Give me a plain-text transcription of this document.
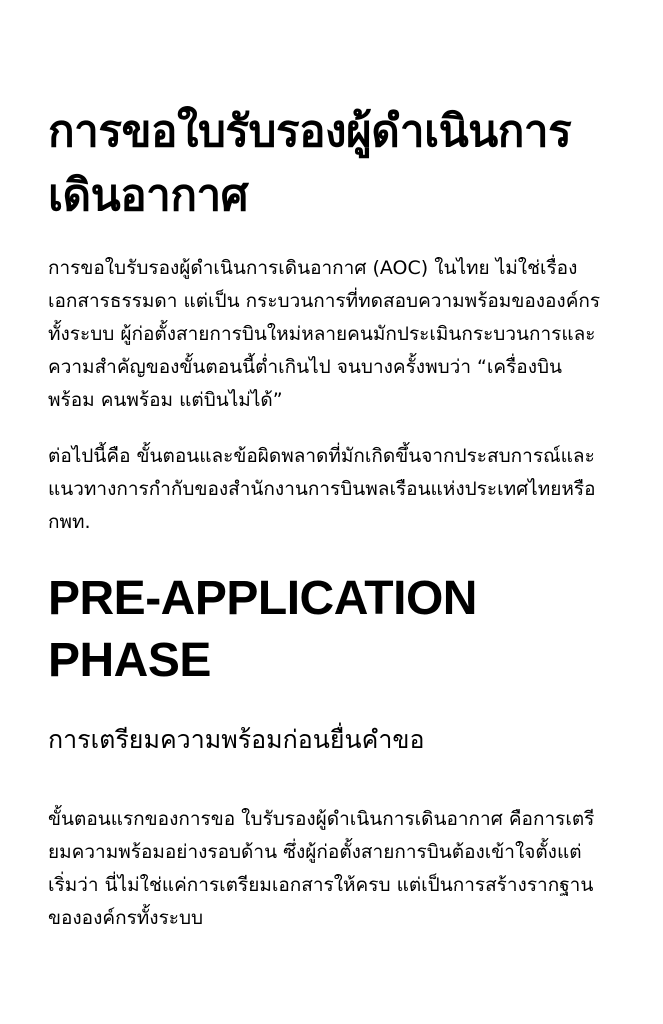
การขอใบรับรองผู้ดำเนินการเดินอากาศ

การขอใบรับรองผู้ดำเนินการเดินอากาศ (AOC) ในไทย ไม่ใช่เรื่องเอกสารธรรมดา แต่เป็น กระบวนการที่ทดสอบความพร้อมขององค์กรทั้งระบบ ผู้ก่อตั้งสายการบินใหม่หลายคนมักประเมินกระบวนการและความสำคัญของขั้นตอนนี้ต่ำเกินไป จนบางครั้งพบว่า “เครื่องบินพร้อม คนพร้อม แต่บินไม่ได้”

ต่อไปนี้คือ ขั้นตอนและข้อผิดพลาดที่มักเกิดขึ้นจากประสบการณ์และแนวทางการกำกับของสำนักงานการบินพลเรือนแห่งประเทศไทยหรือ กพท.

PRE-APPLICATION PHASE
การเตรียมความพร้อมก่อนยื่นคำขอ

ขั้นตอนแรกของการขอ ใบรับรองผู้ดำเนินการเดินอากาศ คือการเตรียมความพร้อมอย่างรอบด้าน ซึ่งผู้ก่อตั้งสายการบินต้องเข้าใจตั้งแต่เริ่มว่า นี่ไม่ใช่แค่การเตรียมเอกสารให้ครบ แต่เป็นการสร้างรากฐานขององค์กรทั้งระบบ
